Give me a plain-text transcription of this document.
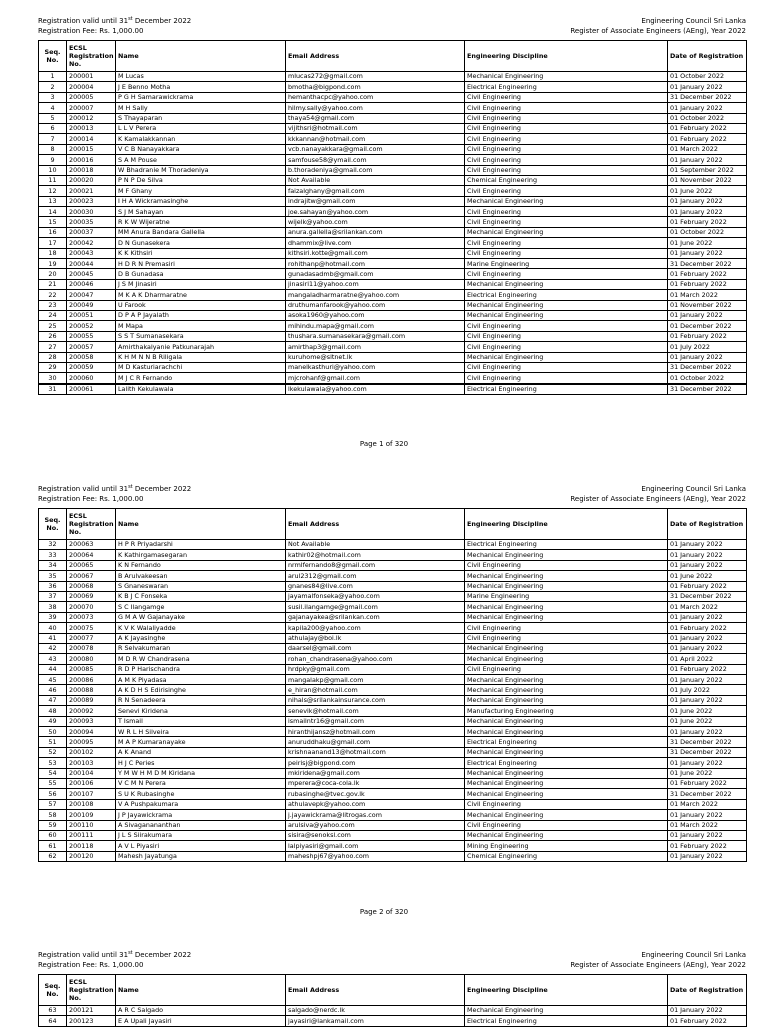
Registration valid until 31st December 2022
Registration Fee: Rs. 1,000.00
Engineering Council Sri Lanka
Register of Associate Engineers (AEng), Year 2022
Seq. No.	ECSL Registration No.	Name	Email Address	Engineering Discipline	Date of Registration
1	200001	M Lucas	mlucas272@gmail.com	Mechanical Engineering	01 October 2022
2	200004	J E Benno Motha	bmotha@bigpond.com	Electrical Engineering	01 January 2022
3	200005	P G H Samarawickrama	hemanthacpc@yahoo.com	Civil Engineering	31 December 2022
4	200007	M H Sally	hilmy.sally@yahoo.com	Civil Engineering	01 January 2022
5	200012	S Thayaparan	thaya54@gmail.com	Civil Engineering	01 October 2022
6	200013	L L V Perera	vijithsri@hotmail.com	Civil Engineering	01 February 2022
7	200014	K Kamalakkannan	kkkannan@hotmail.com	Civil Engineering	01 February 2022
8	200015	V C B Nanayakkara	vcb.nanayakkara@gmail.com	Civil Engineering	01 March 2022
9	200016	S A M Pouse	samfouse58@ymail.com	Civil Engineering	01 January 2022
10	200018	W Bhadranie M Thoradeniya	b.thoradeniya@gmail.com	Civil Engineering	01 September 2022
11	200020	P N P De Silva	Not Available	Chemical Engineering	01 November 2022
12	200021	M F Ghany	faizalghany@gmail.com	Civil Engineering	01 June 2022
13	200023	I H A Wickramasinghe	indrajitw@gmail.com	Mechanical Engineering	01 January 2022
14	200030	S J M Sahayan	joe.sahayan@yahoo.com	Civil Engineering	01 January 2022
15	200035	R K W Wijeratne	wijelk@yahoo.com	Civil Engineering	01 February 2022
16	200037	MM Anura Bandara Gallella	anura.gallella@srilankan.com	Mechanical Engineering	01 October 2022
17	200042	D N Gunasekera	dhammix@live.com	Civil Engineering	01 June 2022
18	200043	K K Kithsiri	kithsiri.kotte@gmail.com	Civil Engineering	01 January 2022
19	200044	H D R N Premasiri	rohithanp@hotmail.com	Marine Engineering	31 December 2022
20	200045	D B Gunadasa	gunadasadmb@gmail.com	Civil Engineering	01 February 2022
21	200046	J S M Jinasiri	jinasiri11@yahoo.com	Mechanical Engineering	01 February 2022
22	200047	M K A K Dharmaratne	mangaladharmaratne@yahoo.com	Electrical Engineering	01 March 2022
23	200049	U Farook	druthumanfarook@yahoo.com	Mechanical Engineering	01 November 2022
24	200051	D P A P Jayalath	asoka1960@yahoo.com	Mechanical Engineering	01 January 2022
25	200052	M Mapa	mihindu.mapa@gmail.com	Civil Engineering	01 December 2022
26	200055	S S T Sumanasekara	thushara.sumanasekara@gmail.com	Civil Engineering	01 February 2022
27	200057	Amirthakalyanie Patkunarajah	amirthap3@gmail.com	Civil Engineering	01 July 2022
28	200058	K H M N N B Riligala	kuruhome@sltnet.lk	Mechanical Engineering	01 January 2022
29	200059	M D Kasturiarachchi	manelkasthuri@yahoo.com	Civil Engineering	31 December 2022
30	200060	M J C R Fernando	mjcrohanf@gmail.com	Civil Engineering	01 October 2022
31	200061	Lalith Kekulawala	lkekulawala@yahoo.com	Electrical Engineering	31 December 2022
Page 1 of 320
Registration valid until 31st December 2022
Registration Fee: Rs. 1,000.00
Engineering Council Sri Lanka
Register of Associate Engineers (AEng), Year 2022
Seq. No.	ECSL Registration No.	Name	Email Address	Engineering Discipline	Date of Registration
32	200063	H P R Priyadarshi	Not Available	Electrical Engineering	01 January 2022
33	200064	K Kathirgamasegaran	kathir02@hotmail.com	Mechanical Engineering	01 January 2022
34	200065	K N Fernando	nrmlfernando8@gmail.com	Civil Engineering	01 January 2022
35	200067	B Arulvakeesan	arul2312@gmail.com	Mechanical Engineering	01 June 2022
36	200068	S Gnaneswaran	gnanes84@live.com	Mechanical Engineering	01 February 2022
37	200069	K B J C Fonseka	jayamalfonseka@yahoo.com	Marine Engineering	31 December 2022
38	200070	S C Ilangamge	susil.ilangamge@gmail.com	Mechanical Engineering	01 March 2022
39	200073	G M A W Gajanayake	gajanayakea@srilankan.com	Mechanical Engineering	01 January 2022
40	200075	K V K Walaliyadde	kapila200@yahoo.com	Civil Engineering	01 February 2022
41	200077	A K Jayasinghe	athulajay@boi.lk	Civil Engineering	01 January 2022
42	200078	R Selvakumaran	daarsel@gmail.com	Mechanical Engineering	01 January 2022
43	200080	M D R W Chandrasena	rohan_chandrasena@yahoo.com	Mechanical Engineering	01 April 2022
44	200085	R D P Harischandra	hrdpky@gmail.com	Civil Engineering	01 February 2022
45	200086	A M K Piyadasa	mangalakp@gmail.com	Mechanical Engineering	01 January 2022
46	200088	A K D H S Edirisinghe	e_hiran@hotmail.com	Mechanical Engineering	01 July 2022
47	200089	R N Senadeera	nihals@srilankainsurance.com	Mechanical Engineering	01 January 2022
48	200092	Senevi Kiridena	senevik@hotmail.com	Manufacturing Engineering	01 June 2022
49	200093	T Ismail	ismailntr16@gmail.com	Mechanical Engineering	01 June 2022
50	200094	W R L H Silveira	hiranthijansz@hotmail.com	Mechanical Engineering	01 January 2022
51	200095	M A P Kumaranayake	anuruddhaku@gmail.com	Electrical Engineering	31 December 2022
52	200102	A K Anand	krishnaanand13@hotmail.com	Mechanical Engineering	31 December 2022
53	200103	H J C Peries	peirisj@bigpond.com	Electrical Engineering	01 January 2022
54	200104	Y M W H M D M Kiridana	mkiridena@gmail.com	Mechanical Engineering	01 June 2022
55	200106	V C M N Perera	mperera@coca-cola.lk	Mechanical Engineering	01 February 2022
56	200107	S U K Rubasinghe	rubasinghe@tvec.gov.lk	Mechanical Engineering	31 December 2022
57	200108	V A Pushpakumara	athulavepk@yahoo.com	Civil Engineering	01 March 2022
58	200109	J P Jayawickrama	j.jayawickrama@litrogas.com	Mechanical Engineering	01 January 2022
59	200110	A Sivaganananthan	arulsiva@yahoo.com	Civil Engineering	01 March 2022
60	200111	J L S Siirakumara	sisira@senoksl.com	Mechanical Engineering	01 January 2022
61	200118	A V L Piyasiri	lalpiyasiri@gmail.com	Mining Engineering	01 February 2022
62	200120	Mahesh Jayatunga	maheshpj67@yahoo.com	Chemical Engineering	01 January 2022
Page 2 of 320
Registration valid until 31st December 2022
Registration Fee: Rs. 1,000.00
Engineering Council Sri Lanka
Register of Associate Engineers (AEng), Year 2022
Seq. No.	ECSL Registration No.	Name	Email Address	Engineering Discipline	Date of Registration
63	200121	A R C Salgado	salgado@nerdc.lk	Mechanical Engineering	01 January 2022
64	200123	E A Upali Jayasiri	jayasiri@lankamail.com	Electrical Engineering	01 February 2022
